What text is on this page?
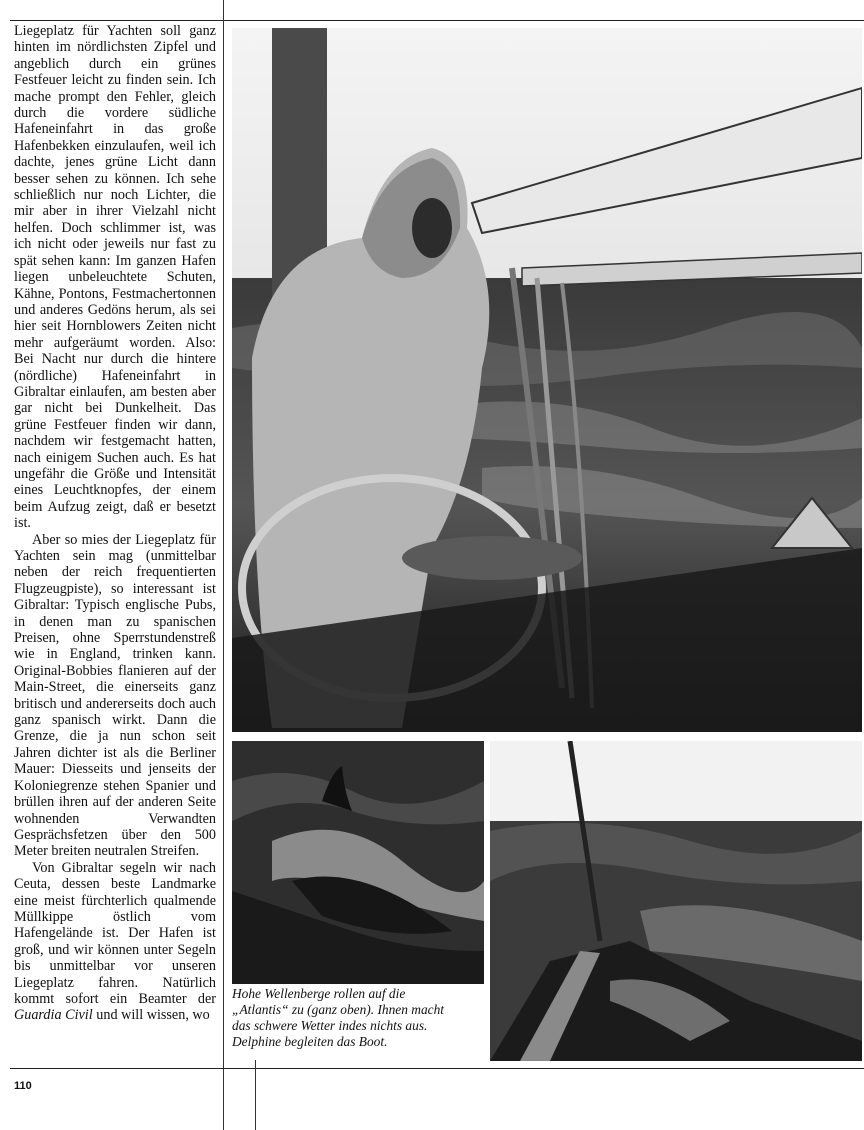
Liegeplatz für Yachten soll ganz hinten im nördlichsten Zipfel und angeblich durch ein grünes Festfeuer leicht zu finden sein. Ich mache prompt den Fehler, gleich durch die vordere südliche Hafeneinfahrt in das große Hafenbekken einzulaufen, weil ich dachte, jenes grüne Licht dann besser sehen zu können. Ich sehe schließlich nur noch Lichter, die mir aber in ihrer Vielzahl nicht helfen. Doch schlimmer ist, was ich nicht oder jeweils nur fast zu spät sehen kann: Im ganzen Hafen liegen unbeleuchtete Schuten, Kähne, Pontons, Festmachertonnen und anderes Gedöns herum, als sei hier seit Hornblowers Zeiten nicht mehr aufgeräumt worden. Also: Bei Nacht nur durch die hintere (nördliche) Hafeneinfahrt in Gibraltar einlaufen, am besten aber gar nicht bei Dunkelheit. Das grüne Festfeuer finden wir dann, nachdem wir festgemacht hatten, nach einigem Suchen auch. Es hat ungefähr die Größe und Intensität eines Leuchtknopfes, der einem beim Aufzug zeigt, daß er besetzt ist.

Aber so mies der Liegeplatz für Yachten sein mag (unmittelbar neben der reich frequentierten Flugzeugpiste), so interessant ist Gibraltar: Typisch englische Pubs, in denen man zu spanischen Preisen, ohne Sperrstundenstreß wie in England, trinken kann. Original-Bobbies flanieren auf der Main-Street, die einerseits ganz britisch und andererseits doch auch ganz spanisch wirkt. Dann die Grenze, die ja nun schon seit Jahren dichter ist als die Berliner Mauer: Diesseits und jenseits der Koloniegrenze stehen Spanier und brüllen ihren auf der anderen Seite wohnenden Verwandten Gesprächsfetzen über den 500 Meter breiten neutralen Streifen.

Von Gibraltar segeln wir nach Ceuta, dessen beste Landmarke eine meist fürchterlich qualmende Müllkippe östlich vom Hafengelände ist. Der Hafen ist groß, und wir können unter Segeln bis unmittelbar vor unseren Liegeplatz fahren. Natürlich kommt sofort ein Beamter der Guardia Civil und will wissen, wo

Hohe Wellenberge rollen auf die „Atlantis“ zu (ganz oben). Ihnen macht das schwere Wetter indes nichts aus. Delphine begleiten das Boot.
110
